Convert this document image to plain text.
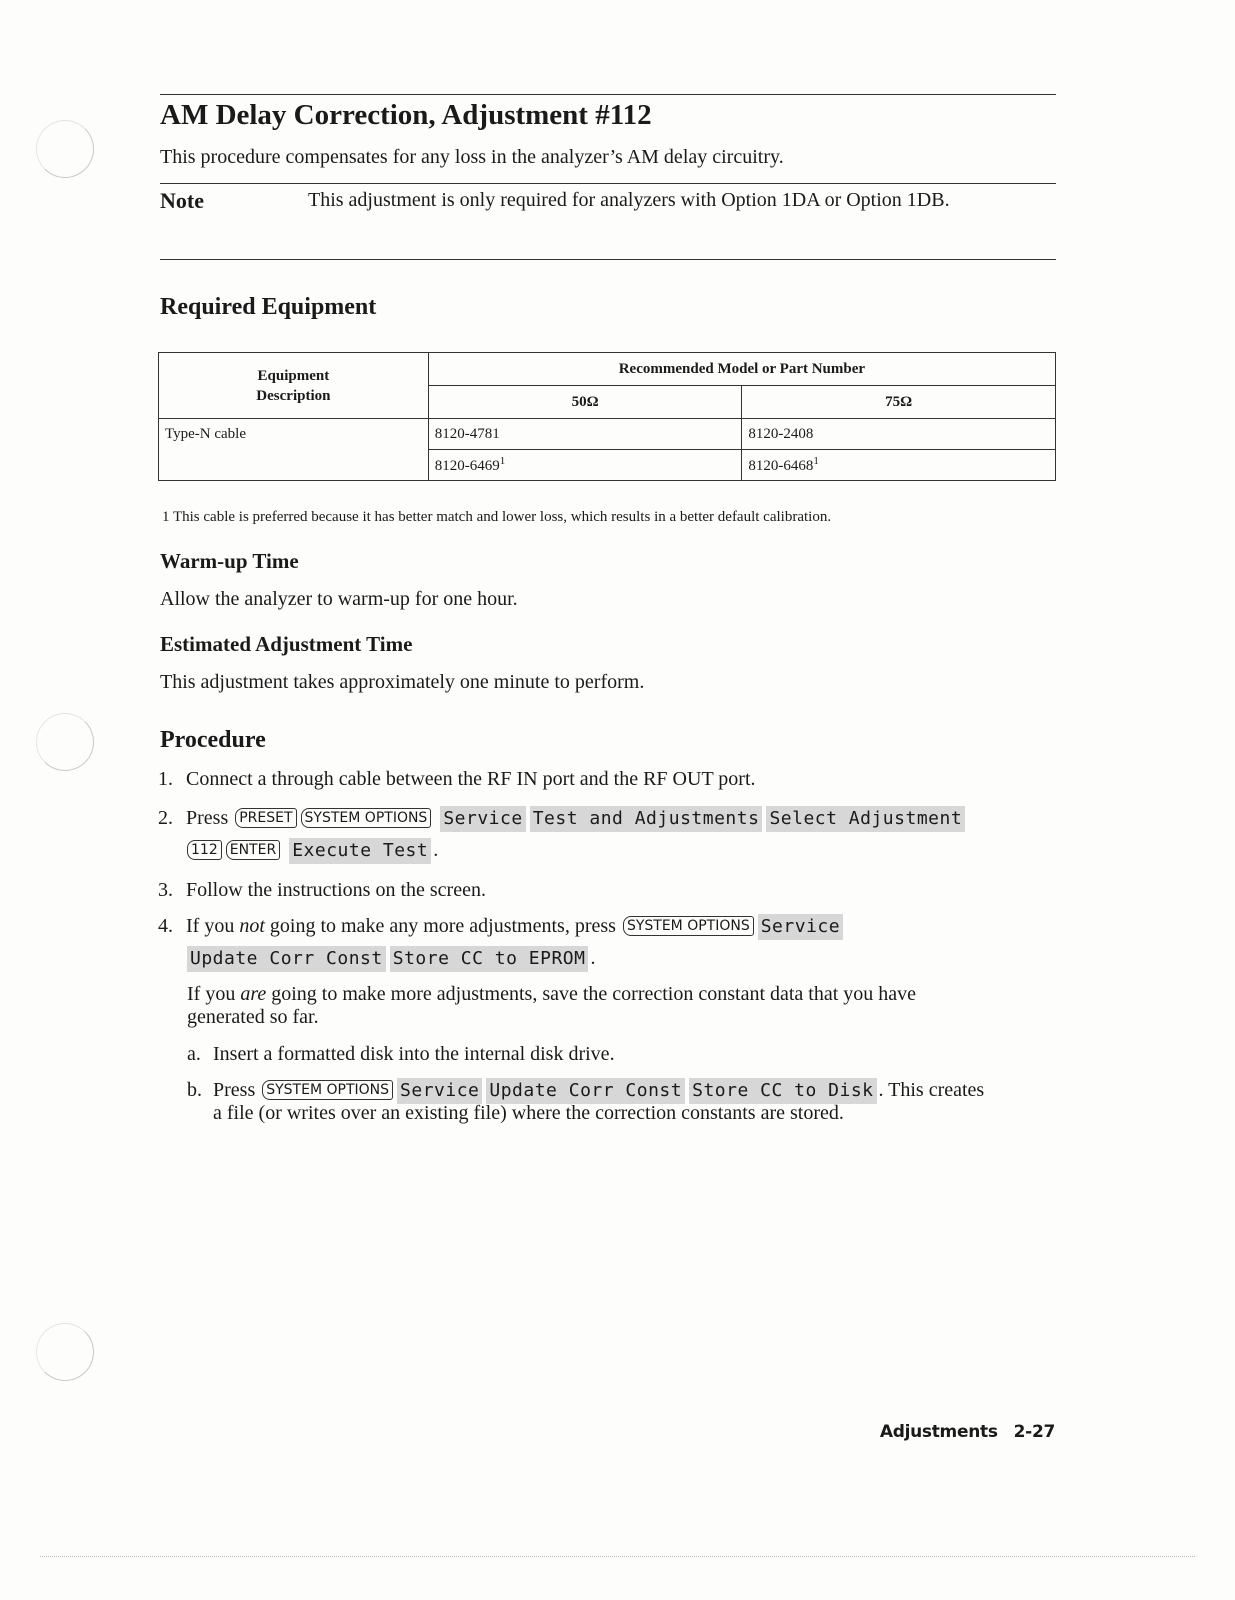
AM Delay Correction, Adjustment #112
This procedure compensates for any loss in the analyzer’s AM delay circuitry.
Note	This adjustment is only required for analyzers with Option 1DA or Option 1DB.
Required Equipment
Equipment Description	Recommended Model or Part Number	
	50Ω	75Ω
Type-N cable	8120-4781	8120-2408
	8120-6469$^1$	8120-6468$^1$
1 This cable is preferred because it has better match and lower loss, which results in a better default calibration.
Warm-up Time
Allow the analyzer to warm-up for one hour.
Estimated Adjustment Time
This adjustment takes approximately one minute to perform.
Procedure
1. Connect a through cable between the RF IN port and the RF OUT port.
2. Press PRESET SYSTEM OPTIONS Service Test and Adjustments Select Adjustment
112 ENTER Execute Test .
3. Follow the instructions on the screen.
4. If you not going to make any more adjustments, press SYSTEM OPTIONS Service
Update Corr Const Store CC to EPROM .
If you are going to make more adjustments, save the correction constant data that you have
generated so far.
a. Insert a formatted disk into the internal disk drive.
b. Press SYSTEM OPTIONS Service Update Corr Const Store CC to Disk . This creates
a file (or writes over an existing file) where the correction constants are stored.
Adjustments 2-27
